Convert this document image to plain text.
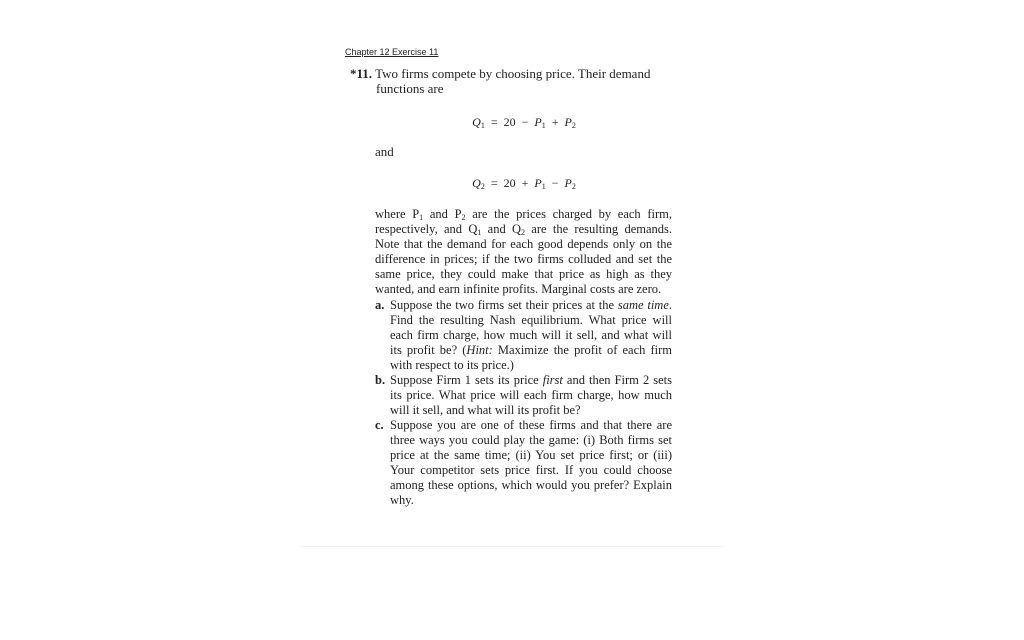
Chapter 12 Exercise 11
*11. Two firms compete by choosing price. Their demand functions are
$Q_1 = 20 - P_1 + P_2$
and
$Q_2 = 20 + P_1 - P_2$
where $P_1$ and $P_2$ are the prices charged by each firm, respectively, and $Q_1$ and $Q_2$ are the resulting demands. Note that the demand for each good depends only on the difference in prices; if the two firms colluded and set the same price, they could make that price as high as they wanted, and earn infinite profits. Marginal costs are zero.
a. Suppose the two firms set their prices at the same time. Find the resulting Nash equilibrium. What price will each firm charge, how much will it sell, and what will its profit be? (Hint: Maximize the profit of each firm with respect to its price.)
b. Suppose Firm 1 sets its price first and then Firm 2 sets its price. What price will each firm charge, how much will it sell, and what will its profit be?
c. Suppose you are one of these firms and that there are three ways you could play the game: (i) Both firms set price at the same time; (ii) You set price first; or (iii) Your competitor sets price first. If you could choose among these options, which would you prefer? Explain why.
